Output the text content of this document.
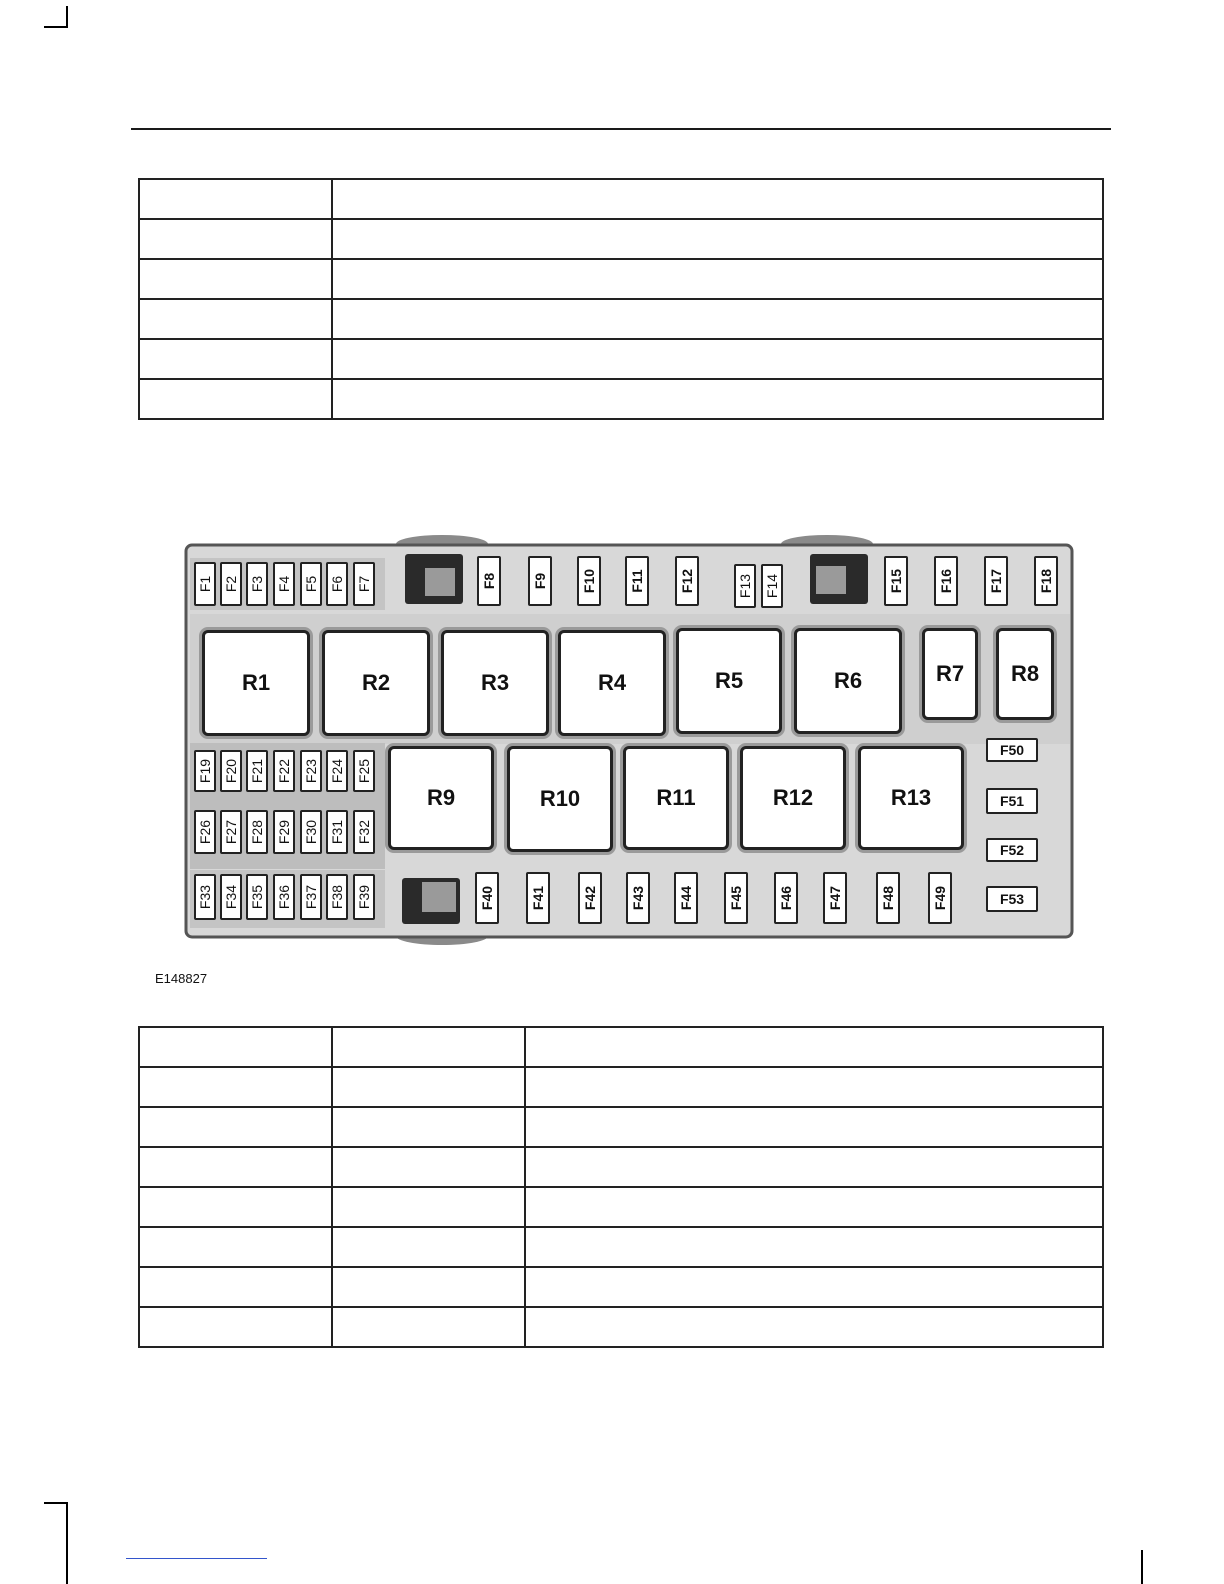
F1 F2 F3 F4 F5 F6 F7	F8	F9 F10 F11 F12	F13 F14	F15 F16 F17 F18
R1	R2	R3	R4	R5	R6	R7	R8
R9	R10	R11	R12	R13
F19 F20 F21 F22 F23 F24 F25
F26 F27 F28 F29 F30 F31 F32
F33 F34 F35 F36 F37 F38 F39	F40	F41	F42 F43 F44 F45 F46 F47	F48	F49
F50
F51
F52
F53
E148827
